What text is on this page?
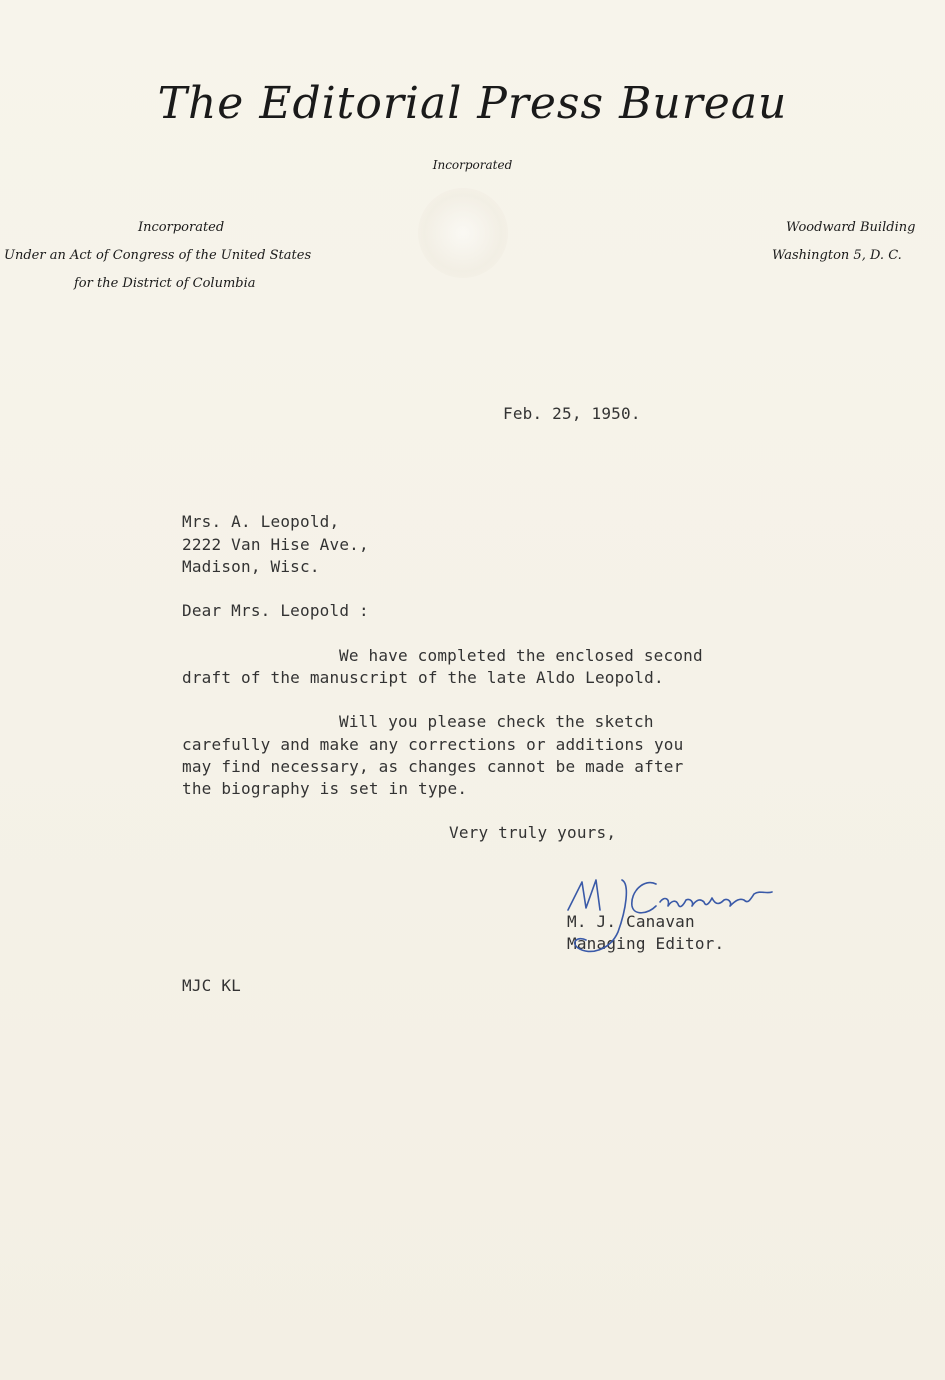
The Editorial Press Bureau
Incorporated
Incorporated
Under an Act of Congress of the United States
for the District of Columbia
Woodward Building
Washington 5, D. C.
Feb. 25, 1950.
Mrs. A. Leopold,
2222 Van Hise Ave.,
Madison, Wisc.
Dear Mrs. Leopold :
We have completed the enclosed second
draft of the manuscript of the late Aldo Leopold.
Will you please check the sketch
carefully and make any corrections or additions you
may find necessary, as changes cannot be made after
the biography is set in type.
Very truly yours,
M. J. Canavan
Managing Editor.
MJC KL
